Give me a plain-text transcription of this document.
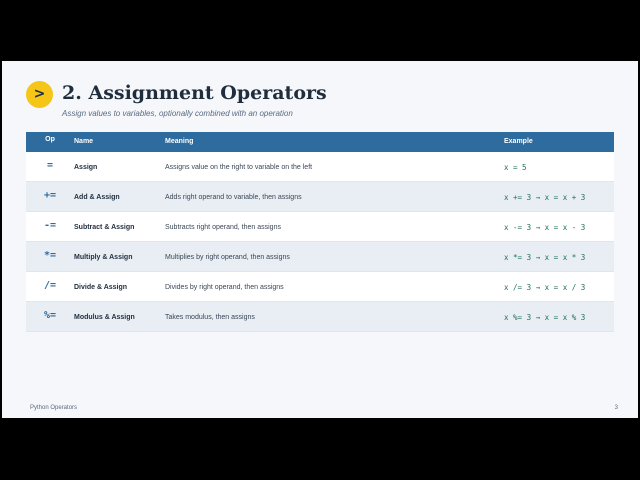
> 2. Assignment Operators
Assign values to variables, optionally combined with an operation
Op	Name	Meaning	Example
=	Assign	Assigns value on the right to variable on the left	x = 5
+=	Add & Assign	Adds right operand to variable, then assigns	x += 3 → x = x + 3
-=	Subtract & Assign	Subtracts right operand, then assigns	x -= 3 → x = x - 3
*=	Multiply & Assign	Multiplies by right operand, then assigns	x *= 3 → x = x * 3
/=	Divide & Assign	Divides by right operand, then assigns	x /= 3 → x = x / 3
%=	Modulus & Assign	Takes modulus, then assigns	x %= 3 → x = x % 3
Python Operators	3
